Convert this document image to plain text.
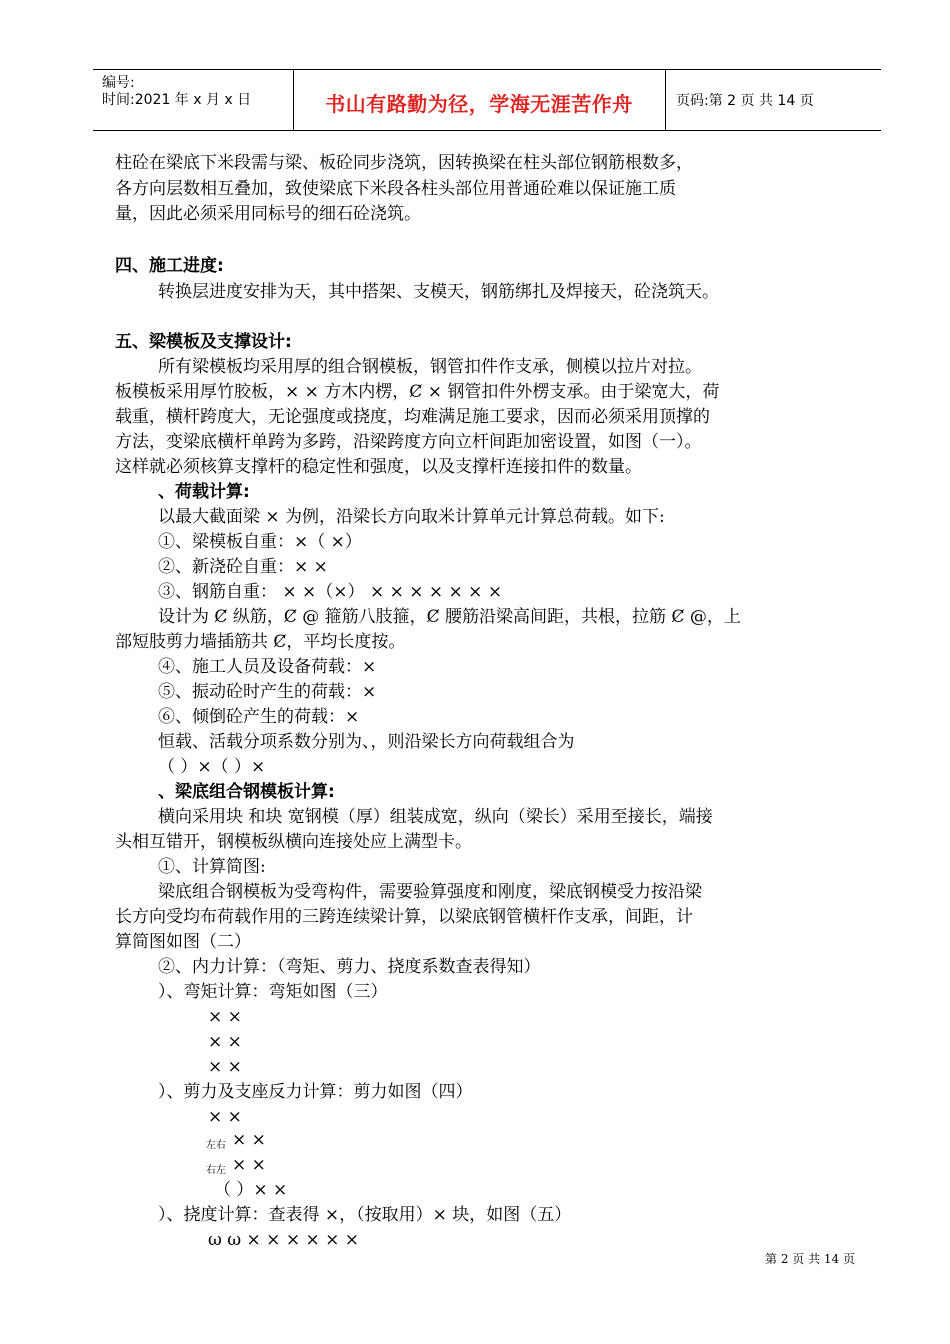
编号:
时间:2021 年 x 月 x 日	书山有路勤为径，学海无涯苦作舟	页码:第 2 页 共 14 页
柱砼在梁底下米段需与梁、板砼同步浇筑，因转换梁在柱头部位钢筋根数多，
各方向层数相互叠加，致使梁底下米段各柱头部位用普通砼难以保证施工质
量，因此必须采用同标号的细石砼浇筑。
四、施工进度:
转换层进度安排为天，其中搭架、支模天，钢筋绑扎及焊接天，砼浇筑天。
五、梁模板及支撑设计:
所有梁模板均采用厚的组合钢模板，钢管扣件作支承，侧模以拉片对拉。
板模板采用厚竹胶板，× × 方木内楞，Ȼ × 钢管扣件外楞支承。由于梁宽大，荷
载重，横杆跨度大，无论强度或挠度，均难满足施工要求，因而必须采用顶撑的
方法，变梁底横杆单跨为多跨，沿梁跨度方向立杆间距加密设置，如图（一）。
这样就必须核算支撑杆的稳定性和强度，以及支撑杆连接扣件的数量。
、荷载计算:
以最大截面梁 × 为例，沿梁长方向取米计算单元计算总荷载。如下:
①、梁模板自重：×（ ×）
②、新浇砼自重：× ×
③、钢筋自重： × ×（×） × × × × × × ×
设计为 Ȼ 纵筋，Ȼ @ 箍筋八肢箍，Ȼ 腰筋沿梁高间距，共根，拉筋 Ȼ @，上
部短肢剪力墙插筋共 Ȼ，平均长度按。
④、施工人员及设备荷载：×
⑤、振动砼时产生的荷载：×
⑥、倾倒砼产生的荷载：×
恒载、活载分项系数分别为、，则沿梁长方向荷载组合为
（ ）×（ ）×
、梁底组合钢模板计算:
横向采用块 和块 宽钢模（厚）组装成宽，纵向（梁长）采用至接长，端接
头相互错开，钢模板纵横向连接处应上满型卡。
①、计算简图:
梁底组合钢模板为受弯构件，需要验算强度和刚度，梁底钢模受力按沿梁
长方向受均布荷载作用的三跨连续梁计算，以梁底钢管横杆作支承，间距，计
算简图如图（二）
②、内力计算：（弯矩、剪力、挠度系数查表得知）
）、弯矩计算：弯矩如图（三）
× ×
× ×
× ×
）、剪力及支座反力计算：剪力如图（四）
× ×
左右 × ×
右左 × ×
（ ）× ×
）、挠度计算：查表得 ×，（按取用）× 块，如图（五）
ω ω × × × × × ×
第 2 页 共 14 页
